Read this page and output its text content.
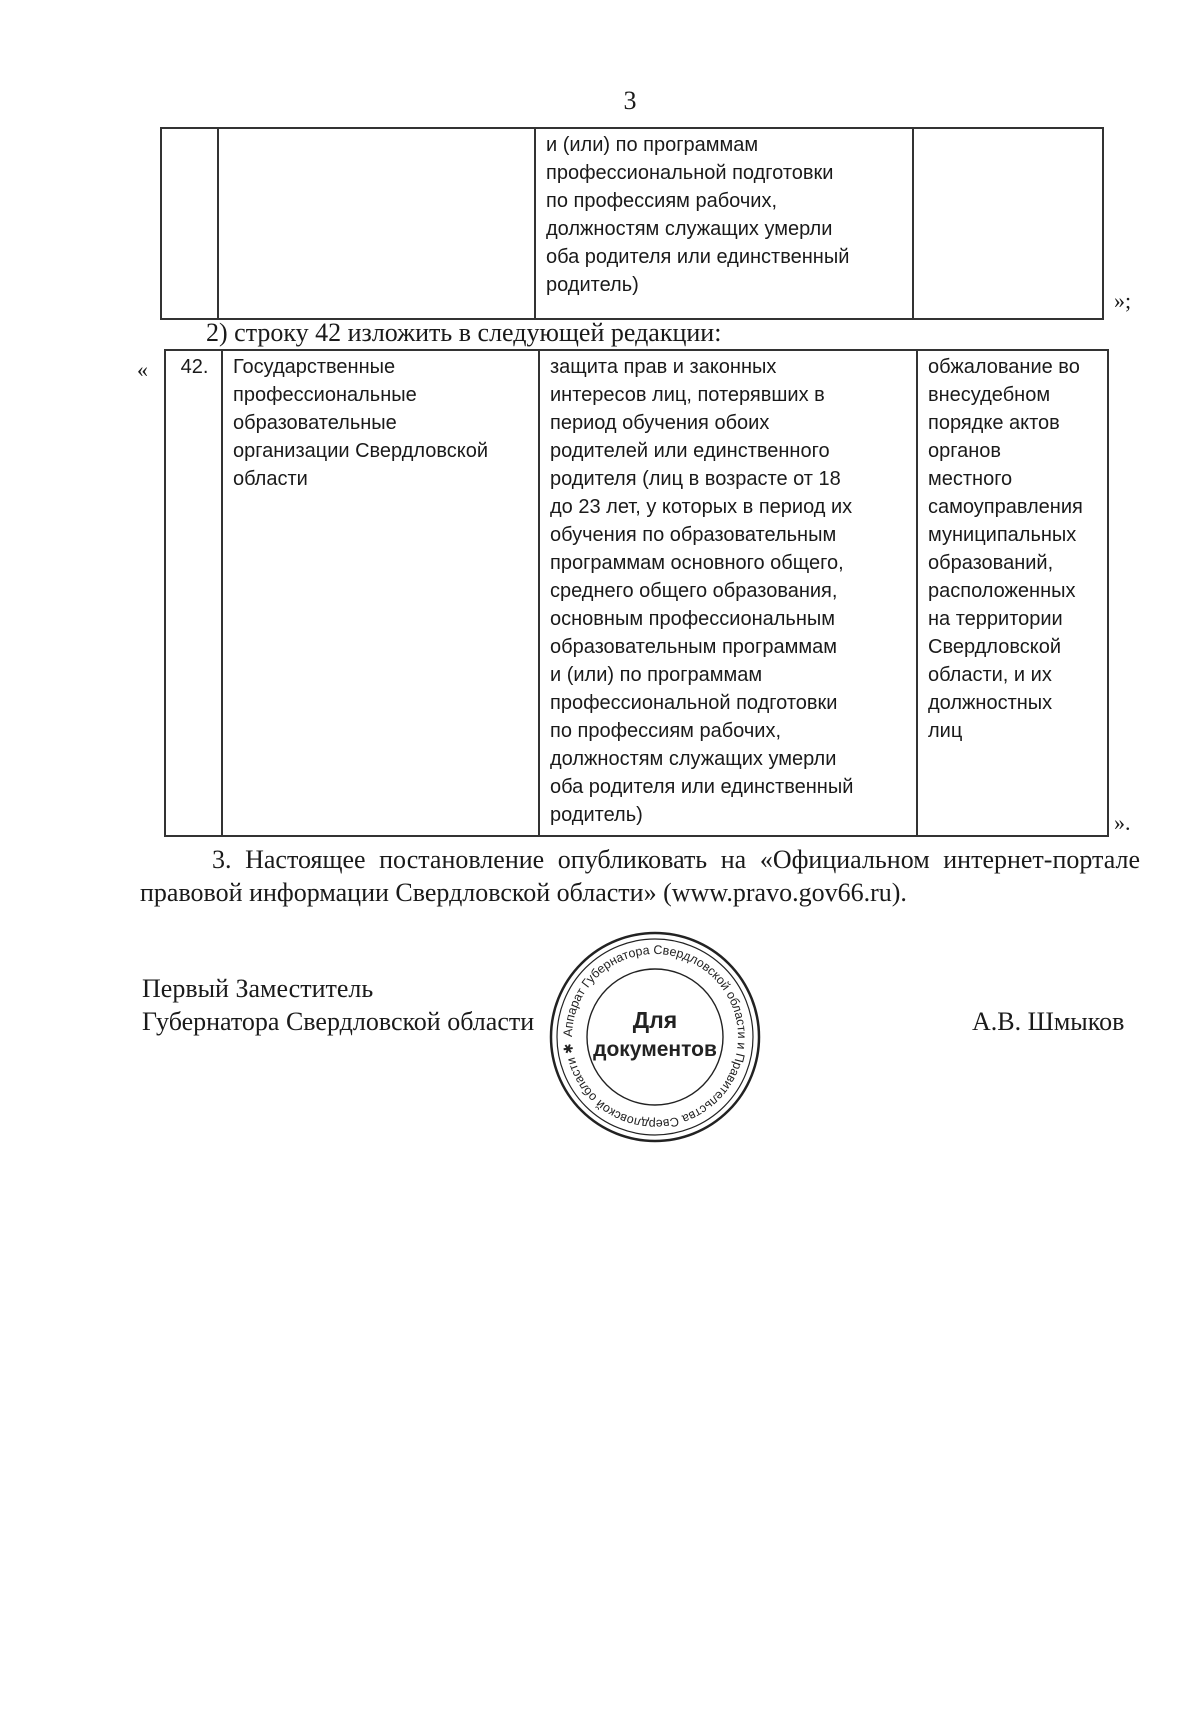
3
		и (или) по программам
профессиональной подготовки
по профессиям рабочих,
должностям служащих умерли
оба родителя или единственный
родитель)	
»;
2) строку 42 изложить в следующей редакции:
« 42.	Государственные
профессиональные
образовательные
организации Свердловской
области	защита прав и законных
интересов лиц, потерявших в
период обучения обоих
родителей или единственного
родителя (лиц в возрасте от 18
до 23 лет, у которых в период их
обучения по образовательным
программам основного общего,
среднего общего образования,
основным профессиональным
образовательным программам
и (или) по программам
профессиональной подготовки
по профессиям рабочих,
должностям служащих умерли
оба родителя или единственный
родитель)	обжалование во
внесудебном
порядке актов
органов
местного
самоуправления
муниципальных
образований,
расположенных
на территории
Свердловской
области, и их
должностных
лиц
».
3. Настоящее постановление опубликовать на «Официальном интернет-портале правовой информации Свердловской области» (www.pravo.gov66.ru).
Первый Заместитель
Губернатора Свердловской области	А.В. Шмыков
Аппарат Губернатора Свердловской области и Правительства Свердловской области ✱
Для
документов
